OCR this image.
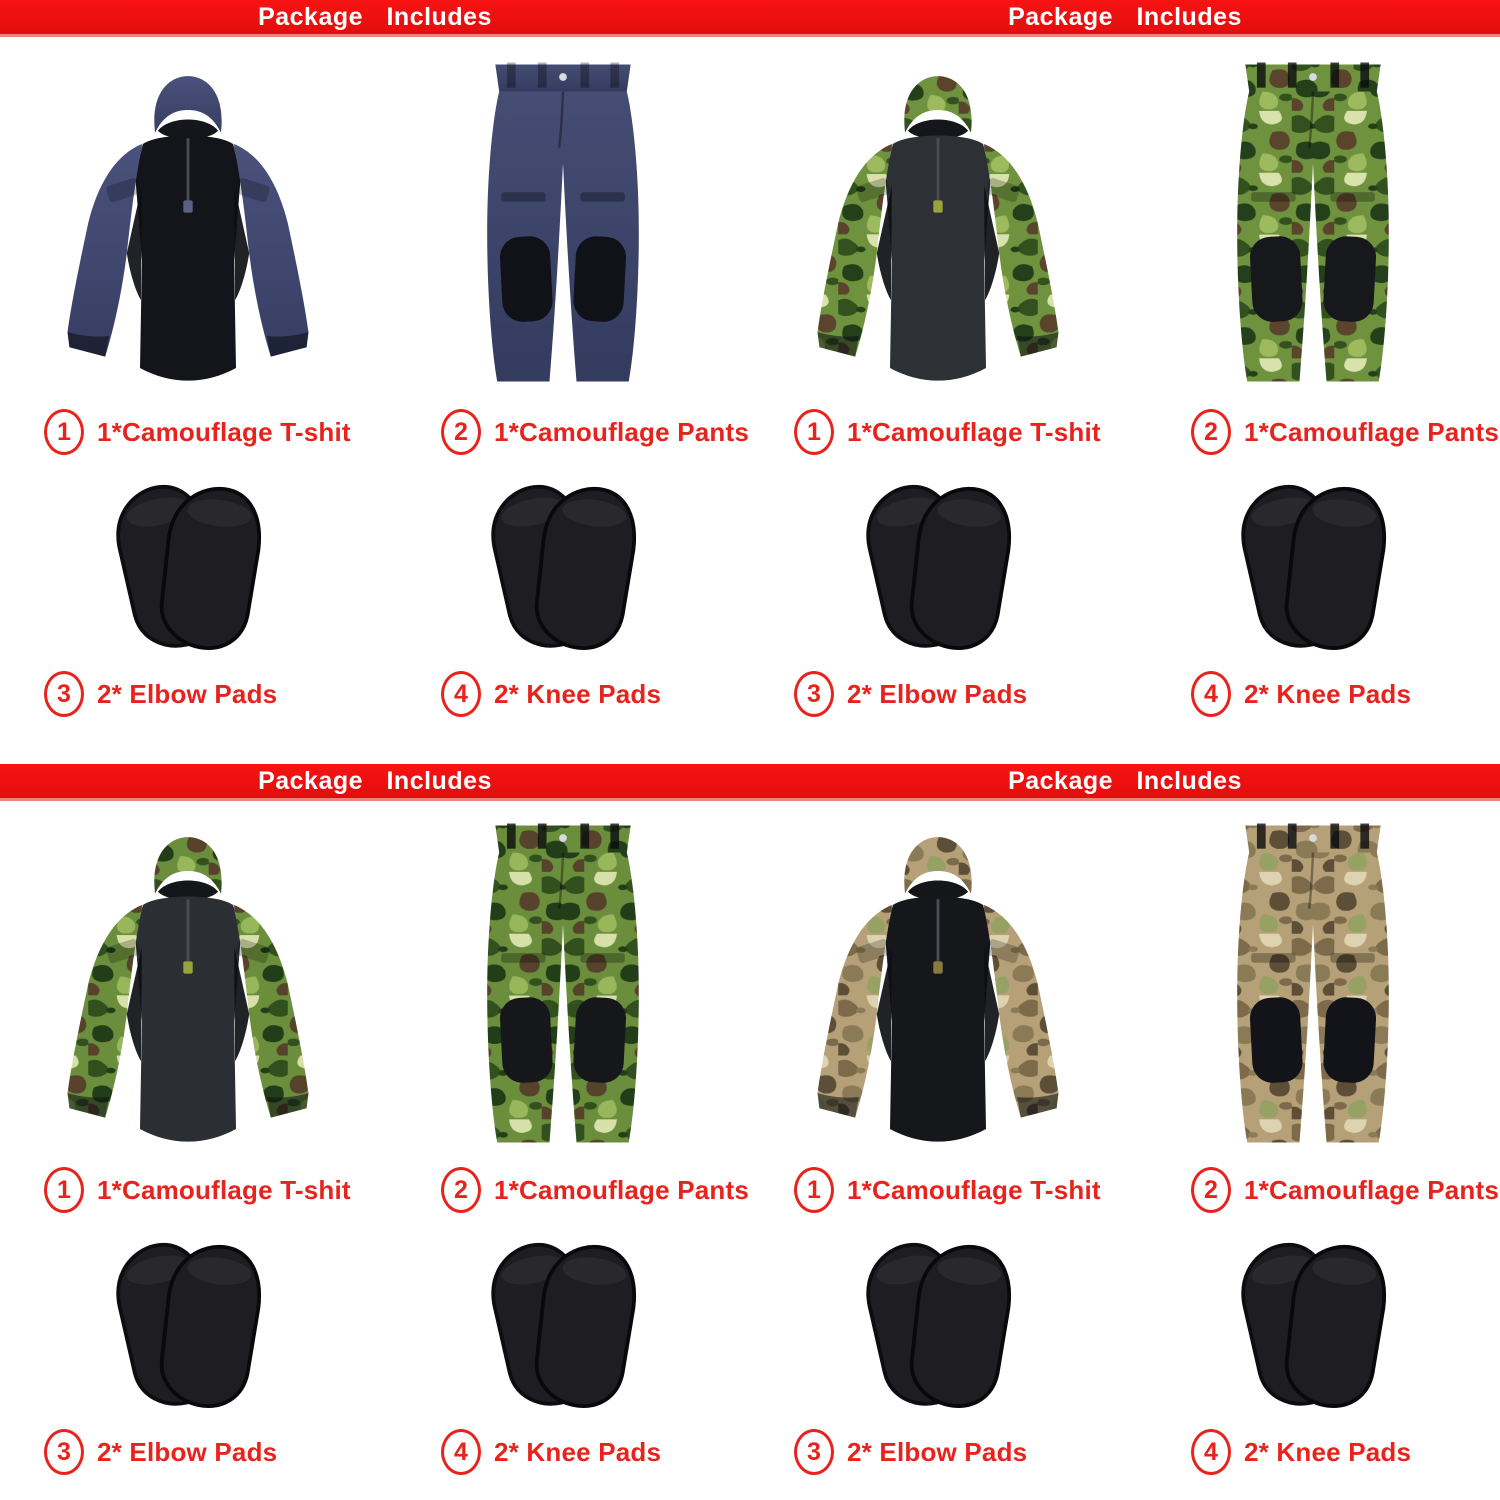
Package Includes
1	1*Camouflage T-shit	2	1*Camouflage Pants
3	2* Elbow Pads	4	2* Knee Pads
Package Includes
1	1*Camouflage T-shit	2	1*Camouflage Pants
3	2* Elbow Pads	4	2* Knee Pads
Package Includes
1	1*Camouflage T-shit	2	1*Camouflage Pants
3	2* Elbow Pads	4	2* Knee Pads
Package Includes
1	1*Camouflage T-shit	2	1*Camouflage Pants
3	2* Elbow Pads	4	2* Knee Pads
